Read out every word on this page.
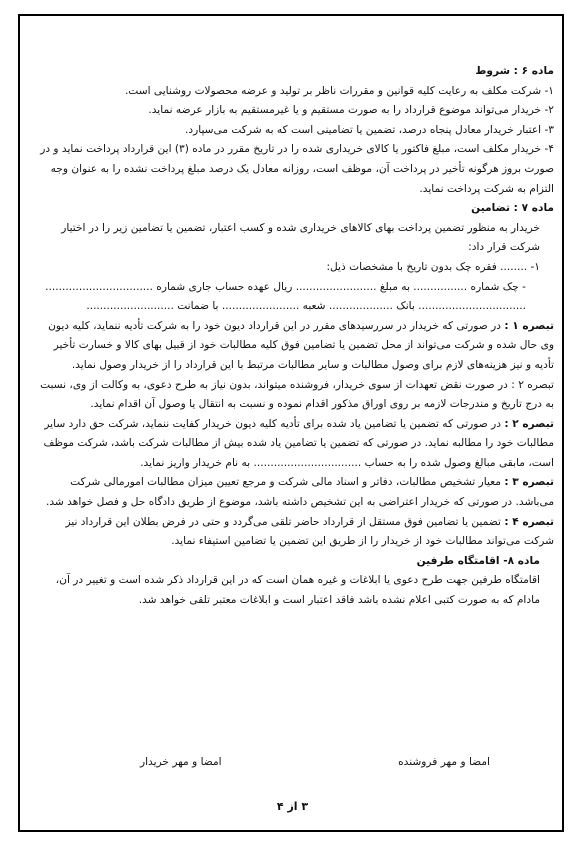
ماده ۶ : شروط

۱- شرکت مکلف به رعایت کلیه قوانین و مقررات ناظر بر تولید و عرضه محصولات روشنایی است.

۲- خریدار می‌تواند موضوع قرارداد را به صورت مستقیم و یا غیرمستقیم به بازار عرضه نماید.

۳- اعتبار خریدار معادل پنجاه درصد، تضمین یا تضامینی است که به شرکت می‌سپارد.

۴- خریدار مکلف است، مبلغ فاکتور یا کالای خریداری شده را در تاریخ مقرر در ماده (۳) این قرارداد پرداخت نماید و در صورت بروز هرگونه تأخیر در پرداخت آن، موظف است، روزانه معادل یک درصد مبلغ پرداخت نشده را به عنوان وجه التزام به شرکت پرداخت نماید.

ماده ۷ : تضامین

خریدار به منظور تضمین پرداخت بهای کالاهای خریداری شده و کسب اعتبار، تضمین یا تضامین زیر را در اختیار شرکت قرار داد:

۱- ........ فقره چک بدون تاریخ با مشخصات ذیل:

- چک شماره ................ به مبلغ ........................ ریال عهده حساب جاری شماره ................................

................................ بانک ................... شعبه ....................... با ضمانت ..........................

تبصره ۱ : در صورتی که خریدار در سررسیدهای مقرر در این قرارداد دیون خود را به شرکت تأدیه ننماید، کلیه دیون وی حال شده و شرکت می‌تواند از محل تضمین یا تضامین فوق کلیه مطالبات خود از قبیل بهای کالا و خسارت تأخیر تأدیه و نیز هزینه‌های لازم برای وصول مطالبات و سایر مطالبات مرتبط با این قرارداد را از خریدار وصول نماید.

تبصره ۲ : در صورت نقض تعهدات از سوی خریدار، فروشنده میتواند، بدون نیاز به طرح دعوی، به وکالت از وی، نسبت به درج تاریخ و مندرجات لازمه بر روی اوراق مذکور اقدام نموده و نسبت به انتقال یا وصول آن اقدام نماید.

تبصره ۲ : در صورتی که تضمین یا تضامین یاد شده برای تأدیه کلیه دیون خریدار کفایت ننماید، شرکت حق دارد سایر مطالبات خود را مطالبه نماید. در صورتی که تضمین یا تضامین یاد شده بیش از مطالبات شرکت باشد، شرکت موظف است، مابقی مبالغ وصول شده را به حساب ................................ به نام خریدار واریز نماید.

تبصره ۳ : معیار تشخیص مطالبات، دفاتر و اسناد مالی شرکت و مرجع تعیین میزان مطالبات امورمالی شرکت می‌باشد. در صورتی که خریدار اعتراضی به این تشخیص داشته باشد، موضوع از طریق دادگاه حل و فصل خواهد شد.

تبصره ۴ : تضمین یا تضامین فوق مستقل از قرارداد حاضر تلقی می‌گردد و حتی در فرض بطلان این قرارداد نیز شرکت می‌تواند مطالبات خود از خریدار را از طریق این تضمین یا تضامین استیفاء نماید.

ماده ۸- اقامتگاه طرفین

اقامتگاه طرفین جهت طرح دعوی یا ابلاغات و غیره همان است که در این قرارداد ذکر شده است و تغییر در آن، مادام که به صورت کتبی اعلام نشده باشد فاقد اعتبار است و ابلاغات معتبر تلقی خواهد شد.

امضا و مهر فروشنده
امضا و مهر خریدار
۳ از ۴
